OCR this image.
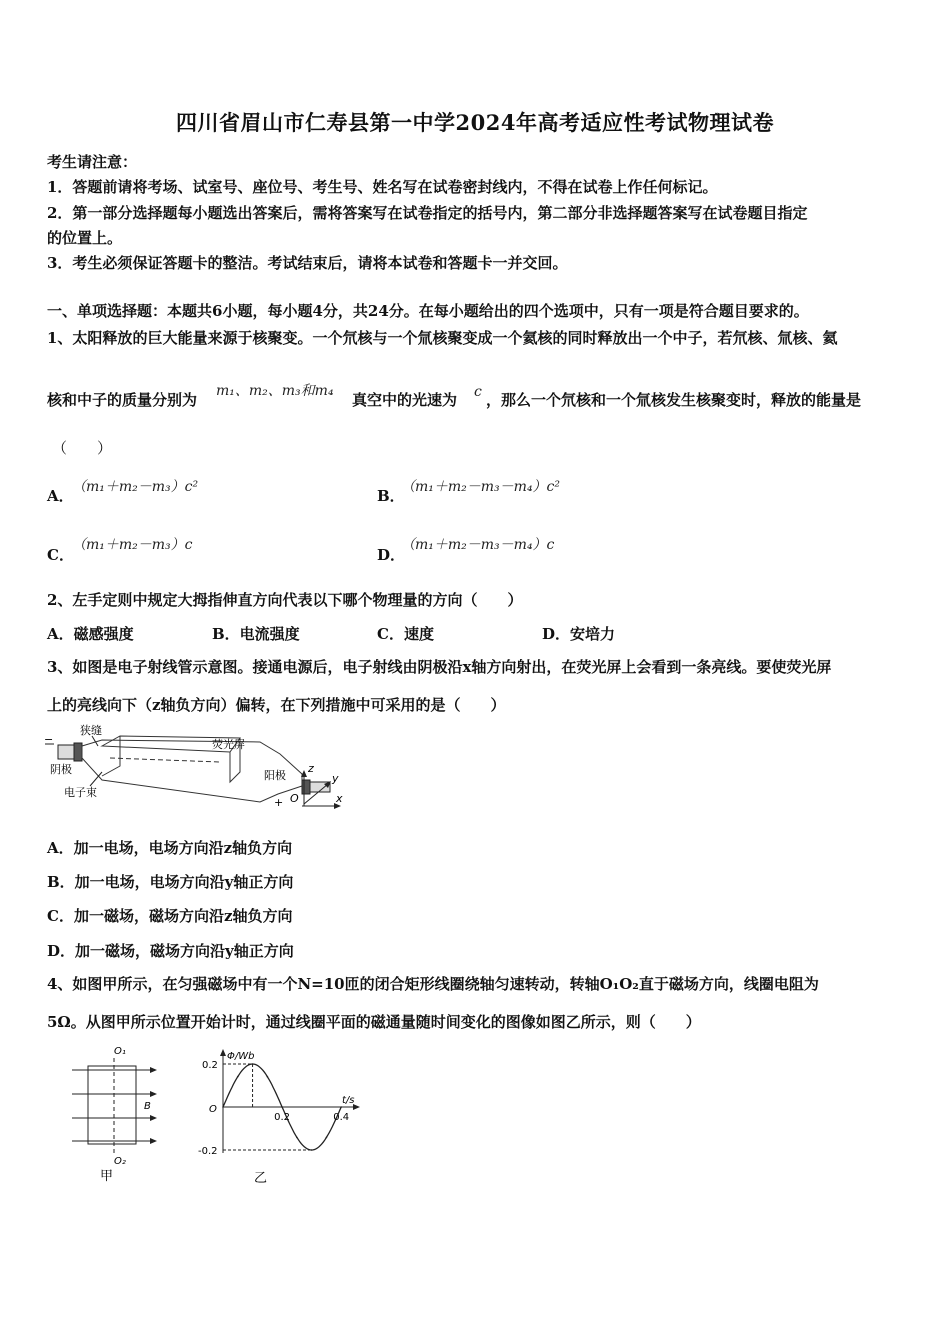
四川省眉山市仁寿县第一中学2024年高考适应性考试物理试卷
考生请注意：
1．答题前请将考场、试室号、座位号、考生号、姓名写在试卷密封线内，不得在试卷上作任何标记。
2．第一部分选择题每小题选出答案后，需将答案写在试卷指定的括号内，第二部分非选择题答案写在试卷题目指定
的位置上。
3．考生必须保证答题卡的整洁。考试结束后，请将本试卷和答题卡一并交回。
一、单项选择题：本题共6小题，每小题4分，共24分。在每小题给出的四个选项中，只有一项是符合题目要求的。
1、太阳释放的巨大能量来源于核聚变。一个氘核与一个氚核聚变成一个氦核的同时释放出一个中子，若氘核、氚核、氦
核和中子的质量分别为 m₁、m₂、m₃和m₄ 真空中的光速为 c ，那么一个氘核和一个氚核发生核聚变时，释放的能量是
（　　）
A．
（m₁＋m₂－m₃）c²	B．
（m₁＋m₂－m₃－m₄）c²
C．
（m₁＋m₂－m₃）c
D．
（m₁＋m₂－m₃－m₄）c
2、左手定则中规定大拇指伸直方向代表以下哪个物理量的方向（　　）
A．磁感强度	B．电流强度	C．速度	D．安培力
3、如图是电子射线管示意图。接通电源后，电子射线由阴极沿x轴方向射出，在荧光屏上会看到一条亮线。要使荧光屏
上的亮线向下（z轴负方向）偏转，在下列措施中可采用的是（　　）
−
狭缝
荧光屏
阴极	阳极
电子束
+
z
y
O	x
A．加一电场，电场方向沿z轴负方向
B．加一电场，电场方向沿y轴正方向
C．加一磁场，磁场方向沿z轴负方向
D．加一磁场，磁场方向沿y轴正方向
4、如图甲所示，在匀强磁场中有一个N=10匝的闭合矩形线圈绕轴匀速转动，转轴O₁O₂直于磁场方向，线圈电阻为
5Ω。从图甲所示位置开始计时，通过线圈平面的磁通量随时间变化的图像如图乙所示，则（　　）
O₁
B
O₂
甲
Φ/Wb
t/s
O
0.2
-0.2
0.2	0.4
乙
